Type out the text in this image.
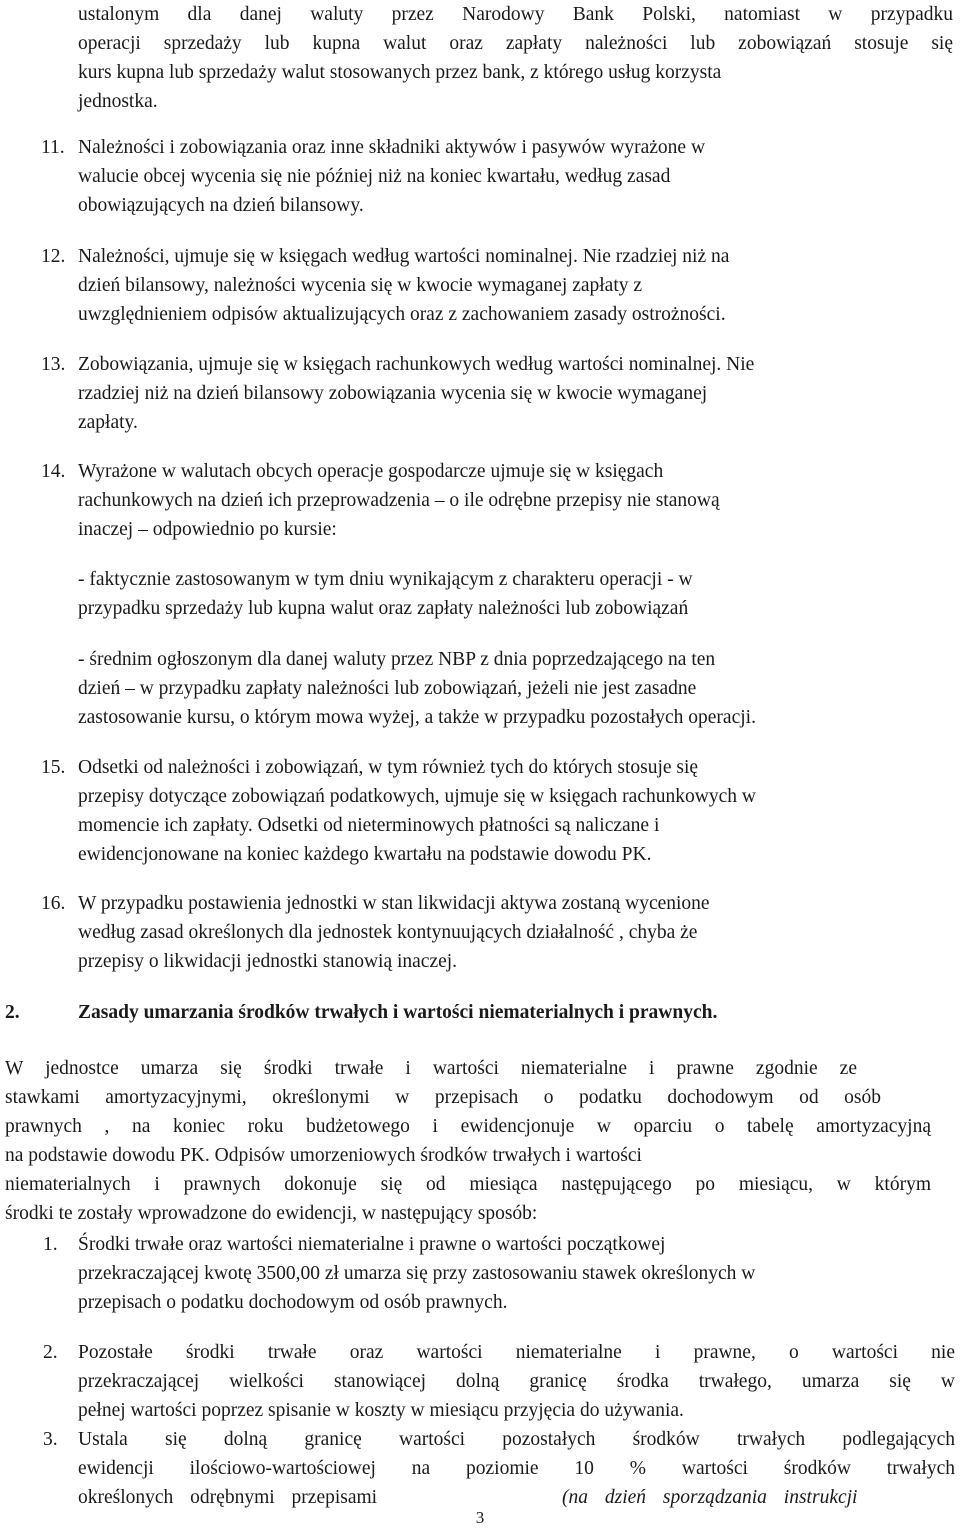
ustalonym dla danej waluty przez Narodowy Bank Polski, natomiast w przypadku
operacji sprzedaży lub kupna walut oraz zapłaty należności lub zobowiązań stosuje się
kurs kupna lub sprzedaży walut stosowanych przez bank, z którego usług korzysta
jednostka.
11. Należności i zobowiązania oraz inne składniki aktywów i pasywów wyrażone w
walucie obcej wycenia się nie później niż na koniec kwartału, według zasad
obowiązujących na dzień bilansowy.
12. Należności, ujmuje się w księgach według wartości nominalnej. Nie rzadziej niż na
dzień bilansowy, należności wycenia się w kwocie wymaganej zapłaty z
uwzględnieniem odpisów aktualizujących oraz z zachowaniem zasady ostrożności.
13. Zobowiązania, ujmuje się w księgach rachunkowych według wartości nominalnej. Nie
rzadziej niż na dzień bilansowy zobowiązania wycenia się w kwocie wymaganej
zapłaty.
14. Wyrażone w walutach obcych operacje gospodarcze ujmuje się w księgach
rachunkowych na dzień ich przeprowadzenia – o ile odrębne przepisy nie stanową
inaczej – odpowiednio po kursie:
- faktycznie zastosowanym w tym dniu wynikającym z charakteru operacji - w
przypadku sprzedaży lub kupna walut oraz zapłaty należności lub zobowiązań
- średnim ogłoszonym dla danej waluty przez NBP z dnia poprzedzającego na ten
dzień – w przypadku zapłaty należności lub zobowiązań, jeżeli nie jest zasadne
zastosowanie kursu, o którym mowa wyżej, a także w przypadku pozostałych operacji.
15. Odsetki od należności i zobowiązań, w tym również tych do których stosuje się
przepisy dotyczące zobowiązań podatkowych, ujmuje się w księgach rachunkowych w
momencie ich zapłaty. Odsetki od nieterminowych płatności są naliczane i
ewidencjonowane na koniec każdego kwartału na podstawie dowodu PK.
16. W przypadku postawienia jednostki w stan likwidacji aktywa zostaną wycenione
według zasad określonych dla jednostek kontynuujących działalność , chyba że
przepisy o likwidacji jednostki stanowią inaczej.
2.	Zasady umarzania środków trwałych i wartości niematerialnych i prawnych.
W jednostce umarza się środki trwałe i wartości niematerialne i prawne zgodnie ze
stawkami amortyzacyjnymi, określonymi w przepisach o podatku dochodowym od osób
prawnych , na koniec roku budżetowego i ewidencjonuje w oparciu o tabelę amortyzacyjną
na podstawie dowodu PK. Odpisów umorzeniowych środków trwałych i wartości
niematerialnych i prawnych dokonuje się od miesiąca następującego po miesiącu, w którym
środki te zostały wprowadzone do ewidencji, w następujący sposób:
1.	Środki trwałe oraz wartości niematerialne i prawne o wartości początkowej
przekraczającej kwotę 3500,00 zł umarza się przy zastosowaniu stawek określonych w
przepisach o podatku dochodowym od osób prawnych.
2.	Pozostałe środki trwałe oraz wartości niematerialne i prawne, o wartości nie
przekraczającej wielkości stanowiącej dolną granicę środka trwałego, umarza się w
pełnej wartości poprzez spisanie w koszty w miesiącu przyjęcia do używania.
3.	Ustala się dolną granicę wartości pozostałych środków trwałych podlegających
ewidencji ilościowo-wartościowej na poziomie 10 % wartości środków trwałych
określonych odrębnymi przepisami	(na dzień sporządzania instrukcji
3
